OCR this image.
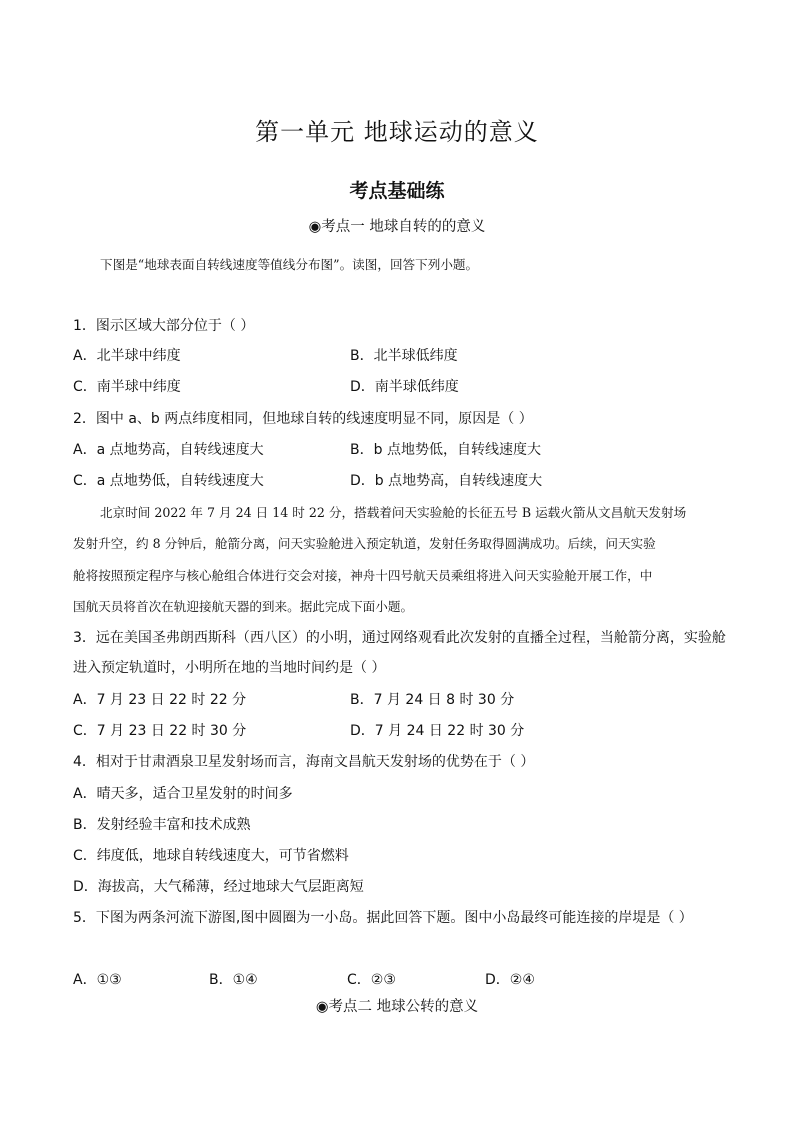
第一单元 地球运动的意义
考点基础练
◉考点一 地球自转的的意义
下图是“地球表面自转线速度等值线分布图”。读图，回答下列小题。
1．图示区域大部分位于（ ）
A．北半球中纬度	B．北半球低纬度
C．南半球中纬度	D．南半球低纬度
2．图中 a、b 两点纬度相同，但地球自转的线速度明显不同，原因是（ ）
A．a 点地势高，自转线速度大	B．b 点地势低，自转线速度大
C．a 点地势低，自转线速度大	D．b 点地势高，自转线速度大
北京时间 2022 年 7 月 24 日 14 时 22 分，搭载着问天实验舱的长征五号 B 运载火箭从文昌航天发射场
发射升空，约 8 分钟后，舱箭分离，问天实验舱进入预定轨道，发射任务取得圆满成功。后续，问天实验
舱将按照预定程序与核心舱组合体进行交会对接，神舟十四号航天员乘组将进入问天实验舱开展工作，中
国航天员将首次在轨迎接航天器的到来。据此完成下面小题。
3．远在美国圣弗朗西斯科（西八区）的小明，通过网络观看此次发射的直播全过程，当舱箭分离，实验舱
进入预定轨道时，小明所在地的当地时间约是（ ）
A．7 月 23 日 22 时 22 分	B．7 月 24 日 8 时 30 分
C．7 月 23 日 22 时 30 分	D．7 月 24 日 22 时 30 分
4．相对于甘肃酒泉卫星发射场而言，海南文昌航天发射场的优势在于（ ）
A．晴天多，适合卫星发射的时间多
B．发射经验丰富和技术成熟
C．纬度低，地球自转线速度大，可节省燃料
D．海拔高，大气稀薄，经过地球大气层距离短
5．下图为两条河流下游图,图中圆圈为一小岛。据此回答下题。图中小岛最终可能连接的岸堤是（ ）
A．①③	B．①④	C．②③	D．②④
◉考点二 地球公转的意义
